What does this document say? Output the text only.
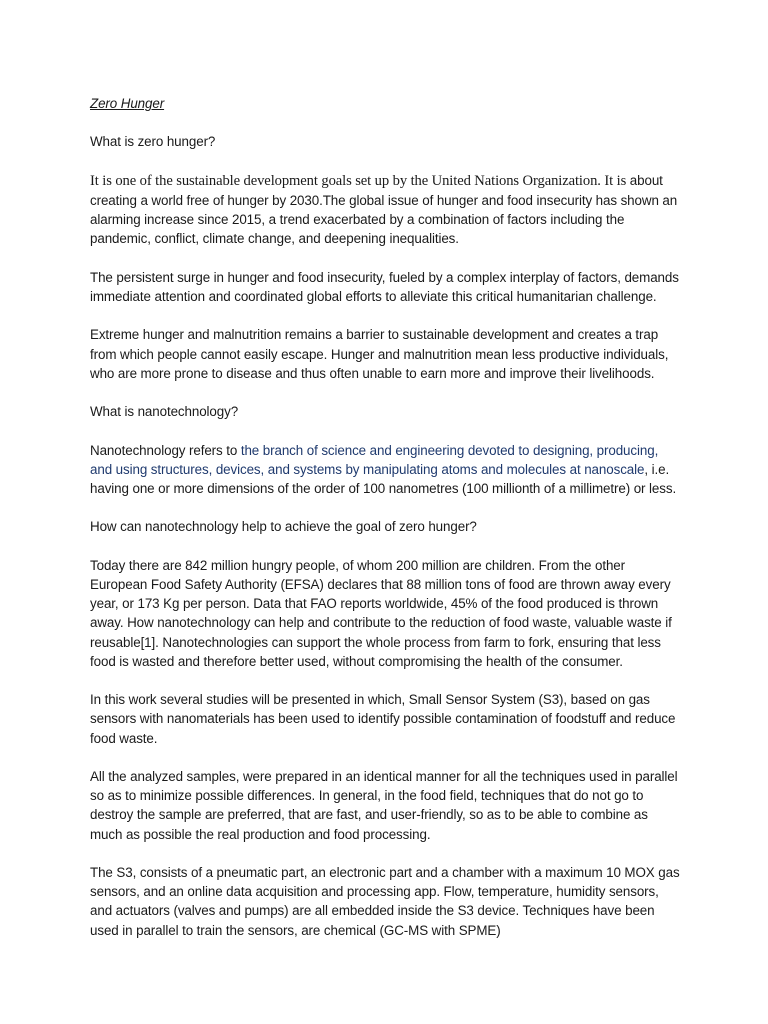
Zero Hunger

What is zero hunger?

It is one of the sustainable development goals set up by the United Nations Organization. It is about creating a world free of hunger by 2030.The global issue of hunger and food insecurity has shown an alarming increase since 2015, a trend exacerbated by a combination of factors including the pandemic, conflict, climate change, and deepening inequalities.

The persistent surge in hunger and food insecurity, fueled by a complex interplay of factors, demands immediate attention and coordinated global efforts to alleviate this critical humanitarian challenge.

Extreme hunger and malnutrition remains a barrier to sustainable development and creates a trap from which people cannot easily escape. Hunger and malnutrition mean less productive individuals, who are more prone to disease and thus often unable to earn more and improve their livelihoods.

What is nanotechnology?

Nanotechnology refers to the branch of science and engineering devoted to designing, producing, and using structures, devices, and systems by manipulating atoms and molecules at nanoscale, i.e. having one or more dimensions of the order of 100 nanometres (100 millionth of a millimetre) or less.

How can nanotechnology help to achieve the goal of zero hunger?

Today there are 842 million hungry people, of whom 200 million are children. From the other European Food Safety Authority (EFSA) declares that 88 million tons of food are thrown away every year, or 173 Kg per person. Data that FAO reports worldwide, 45% of the food produced is thrown away. How nanotechnology can help and contribute to the reduction of food waste, valuable waste if reusable[1]. Nanotechnologies can support the whole process from farm to fork, ensuring that less food is wasted and therefore better used, without compromising the health of the consumer.

In this work several studies will be presented in which, Small Sensor System (S3), based on gas sensors with nanomaterials has been used to identify possible contamination of foodstuff and reduce food waste.

All the analyzed samples, were prepared in an identical manner for all the techniques used in parallel so as to minimize possible differences. In general, in the food field, techniques that do not go to destroy the sample are preferred, that are fast, and user-friendly, so as to be able to combine as much as possible the real production and food processing.

The S3, consists of a pneumatic part, an electronic part and a chamber with a maximum 10 MOX gas sensors, and an online data acquisition and processing app. Flow, temperature, humidity sensors, and actuators (valves and pumps) are all embedded inside the S3 device. Techniques have been used in parallel to train the sensors, are chemical (GC-MS with SPME)
